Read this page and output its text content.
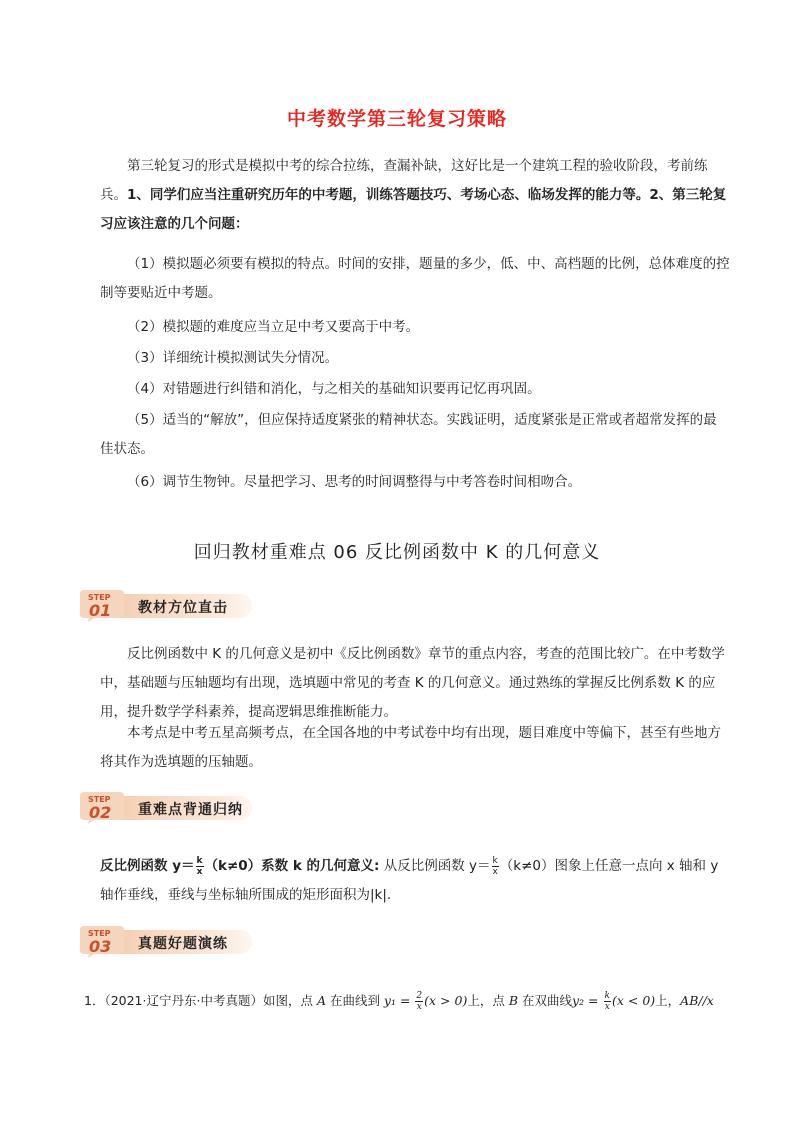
中考数学第三轮复习策略
第三轮复习的形式是模拟中考的综合拉练，查漏补缺，这好比是一个建筑工程的验收阶段，考前练兵。 1、同学们应当注重研究历年的中考题，训练答题技巧、考场心态、临场发挥的能力等。2、第三轮复习应该注意的几个问题：
（1）模拟题必须要有模拟的特点。时间的安排，题量的多少，低、中、高档题的比例，总体难度的控制等要贴近中考题。
（2）模拟题的难度应当立足中考又要高于中考。
（3）详细统计模拟测试失分情况。
（4）对错题进行纠错和消化，与之相关的基础知识要再记忆再巩固。
（5）适当的“解放”，但应保持适度紧张的精神状态。实践证明，适度紧张是正常或者超常发挥的最佳状态。
（6）调节生物钟。尽量把学习、思考的时间调整得与中考答卷时间相吻合。
回归教材重难点 06 反比例函数中 K 的几何意义
STEP
01 教材方位直击
反比例函数中 K 的几何意义是初中《反比例函数》章节的重点内容，考查的范围比较广。在中考数学中，基础题与压轴题均有出现，选填题中常见的考查 K 的几何意义。通过熟练的掌握反比例系数 K 的应用，提升数学学科素养，提高逻辑思维推断能力。
本考点是中考五星高频考点，在全国各地的中考试卷中均有出现，题目难度中等偏下，甚至有些地方将其作为选填题的压轴题。
STEP
02 重难点背通归纳
反比例函数 $y= \frac{k}{x} (k\ne 0)$系数 k 的几何意义: 从反比例函数 $y= \frac{k}{x} (k\ne 0)$图象上任意一点向 x 轴和 y 轴作垂线，垂线与坐标轴所围成的矩形面积为|k|.
STEP
03 真题好题演练
1．（2021·辽宁丹东·中考真题）如图，点 A 在曲线到 $y_1 = \frac{2}{x} (x > 0)$上，点 B 在双曲线$y_2 = \frac{k}{x} (x < 0)$上，AB//x
